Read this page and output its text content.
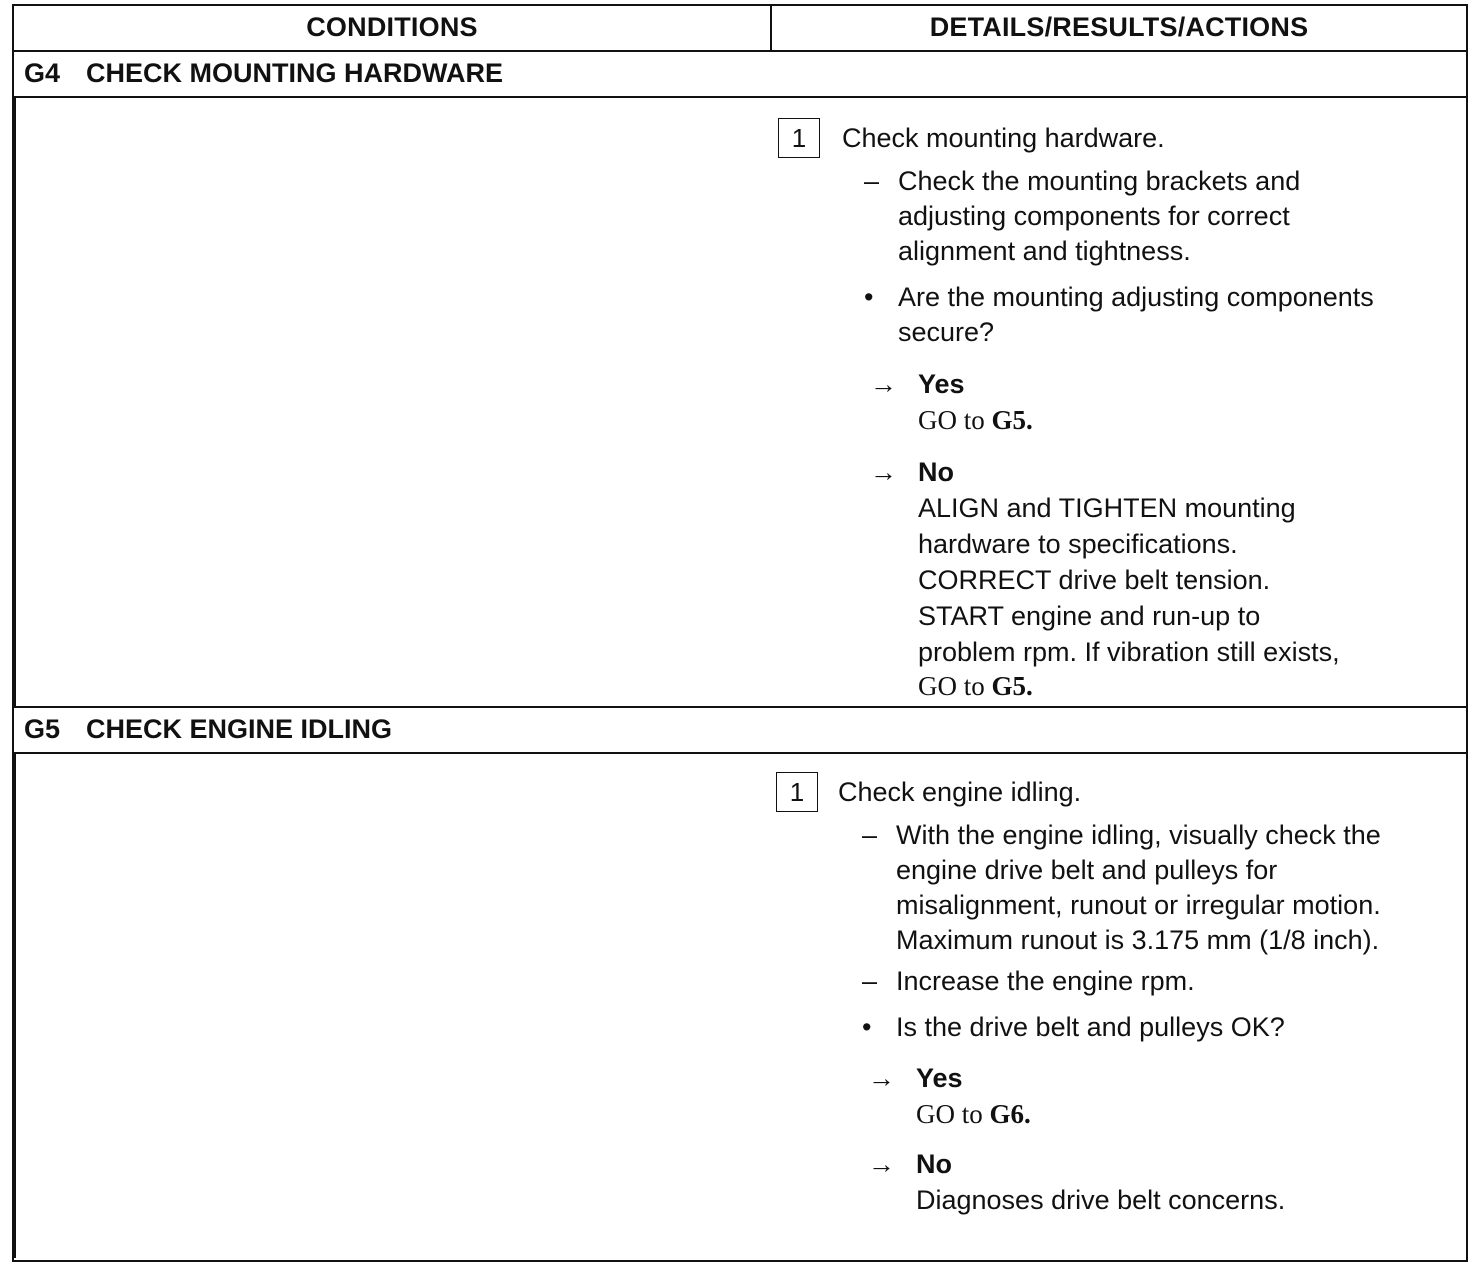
CONDITIONS	DETAILS/RESULTS/ACTIONS
G4 CHECK MOUNTING HARDWARE
1	Check mounting hardware.
– Check the mounting brackets and
adjusting components for correct
alignment and tightness.
• Are the mounting adjusting components
secure?
→ Yes
GO to G5.
→ No
ALIGN and TIGHTEN mounting
hardware to specifications.
CORRECT drive belt tension.
START engine and run-up to
problem rpm. If vibration still exists,
GO to G5.
G5 CHECK ENGINE IDLING
1	Check engine idling.
– With the engine idling, visually check the
engine drive belt and pulleys for
misalignment, runout or irregular motion.
Maximum runout is 3.175 mm (1/8 inch).
– Increase the engine rpm.
• Is the drive belt and pulleys OK?
→ Yes
GO to G6.
→ No
Diagnoses drive belt concerns.
